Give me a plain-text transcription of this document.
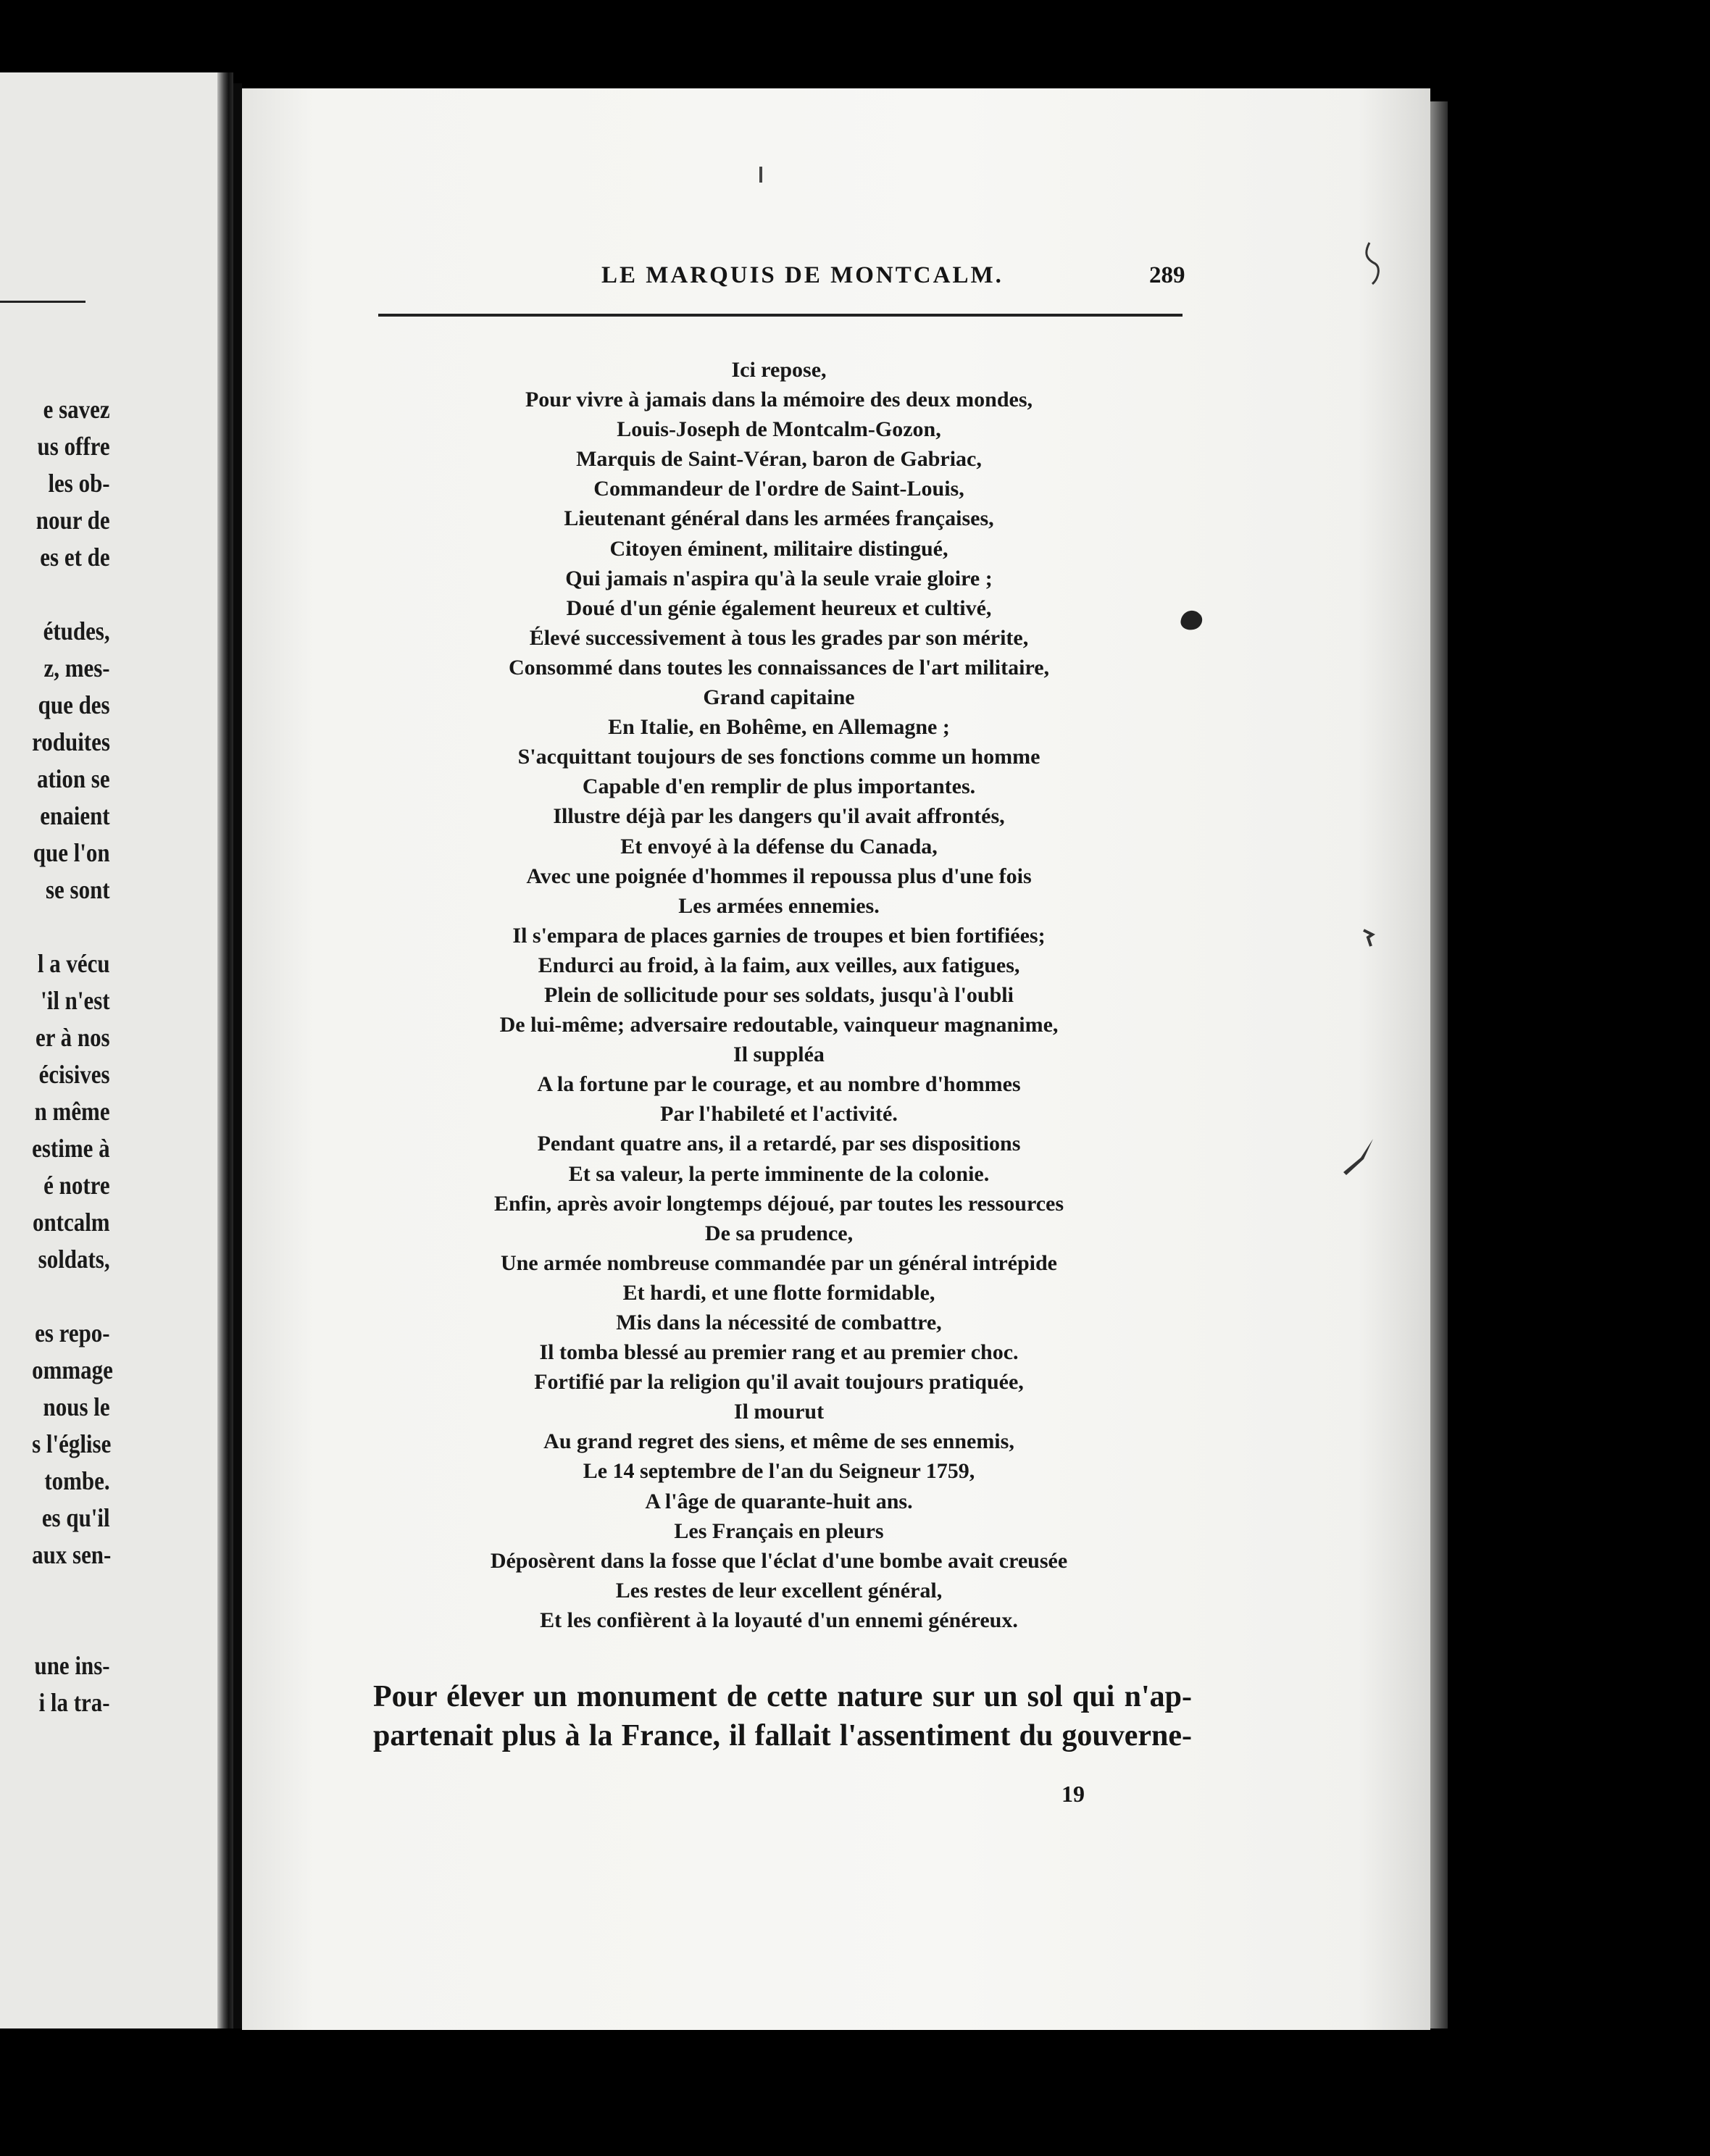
e savez
us offre
les ob-
nour de
es et de
études,
z, mes-
que des
roduites
ation se
enaient
que l'on
se sont
l a vécu
'il n'est
er à nos
écisives
n même
estime à
é notre
ontcalm
soldats,
es repo-
ommage
nous le
s l'église
tombe.
es qu'il
aux sen-
une ins-
i la tra-
LE MARQUIS DE MONTCALM.	289
Ici repose,
Pour vivre à jamais dans la mémoire des deux mondes,
Louis-Joseph de Montcalm-Gozon,
Marquis de Saint-Véran, baron de Gabriac,
Commandeur de l'ordre de Saint-Louis,
Lieutenant général dans les armées françaises,
Citoyen éminent, militaire distingué,
Qui jamais n'aspira qu'à la seule vraie gloire ;
Doué d'un génie également heureux et cultivé,
Élevé successivement à tous les grades par son mérite,
Consommé dans toutes les connaissances de l'art militaire,
Grand capitaine
En Italie, en Bohême, en Allemagne ;
S'acquittant toujours de ses fonctions comme un homme
Capable d'en remplir de plus importantes.
Illustre déjà par les dangers qu'il avait affrontés,
Et envoyé à la défense du Canada,
Avec une poignée d'hommes il repoussa plus d'une fois
Les armées ennemies.
Il s'empara de places garnies de troupes et bien fortifiées;
Endurci au froid, à la faim, aux veilles, aux fatigues,
Plein de sollicitude pour ses soldats, jusqu'à l'oubli
De lui-même; adversaire redoutable, vainqueur magnanime,
Il suppléa
A la fortune par le courage, et au nombre d'hommes
Par l'habileté et l'activité.
Pendant quatre ans, il a retardé, par ses dispositions
Et sa valeur, la perte imminente de la colonie.
Enfin, après avoir longtemps déjoué, par toutes les ressources
De sa prudence,
Une armée nombreuse commandée par un général intrépide
Et hardi, et une flotte formidable,
Mis dans la nécessité de combattre,
Il tomba blessé au premier rang et au premier choc.
Fortifié par la religion qu'il avait toujours pratiquée,
Il mourut
Au grand regret des siens, et même de ses ennemis,
Le 14 septembre de l'an du Seigneur 1759,
A l'âge de quarante-huit ans.
Les Français en pleurs
Déposèrent dans la fosse que l'éclat d'une bombe avait creusée
Les restes de leur excellent général,
Et les confièrent à la loyauté d'un ennemi généreux.
Pour élever un monument de cette nature sur un sol qui n'ap-
partenait plus à la France, il fallait l'assentiment du gouverne-
19
